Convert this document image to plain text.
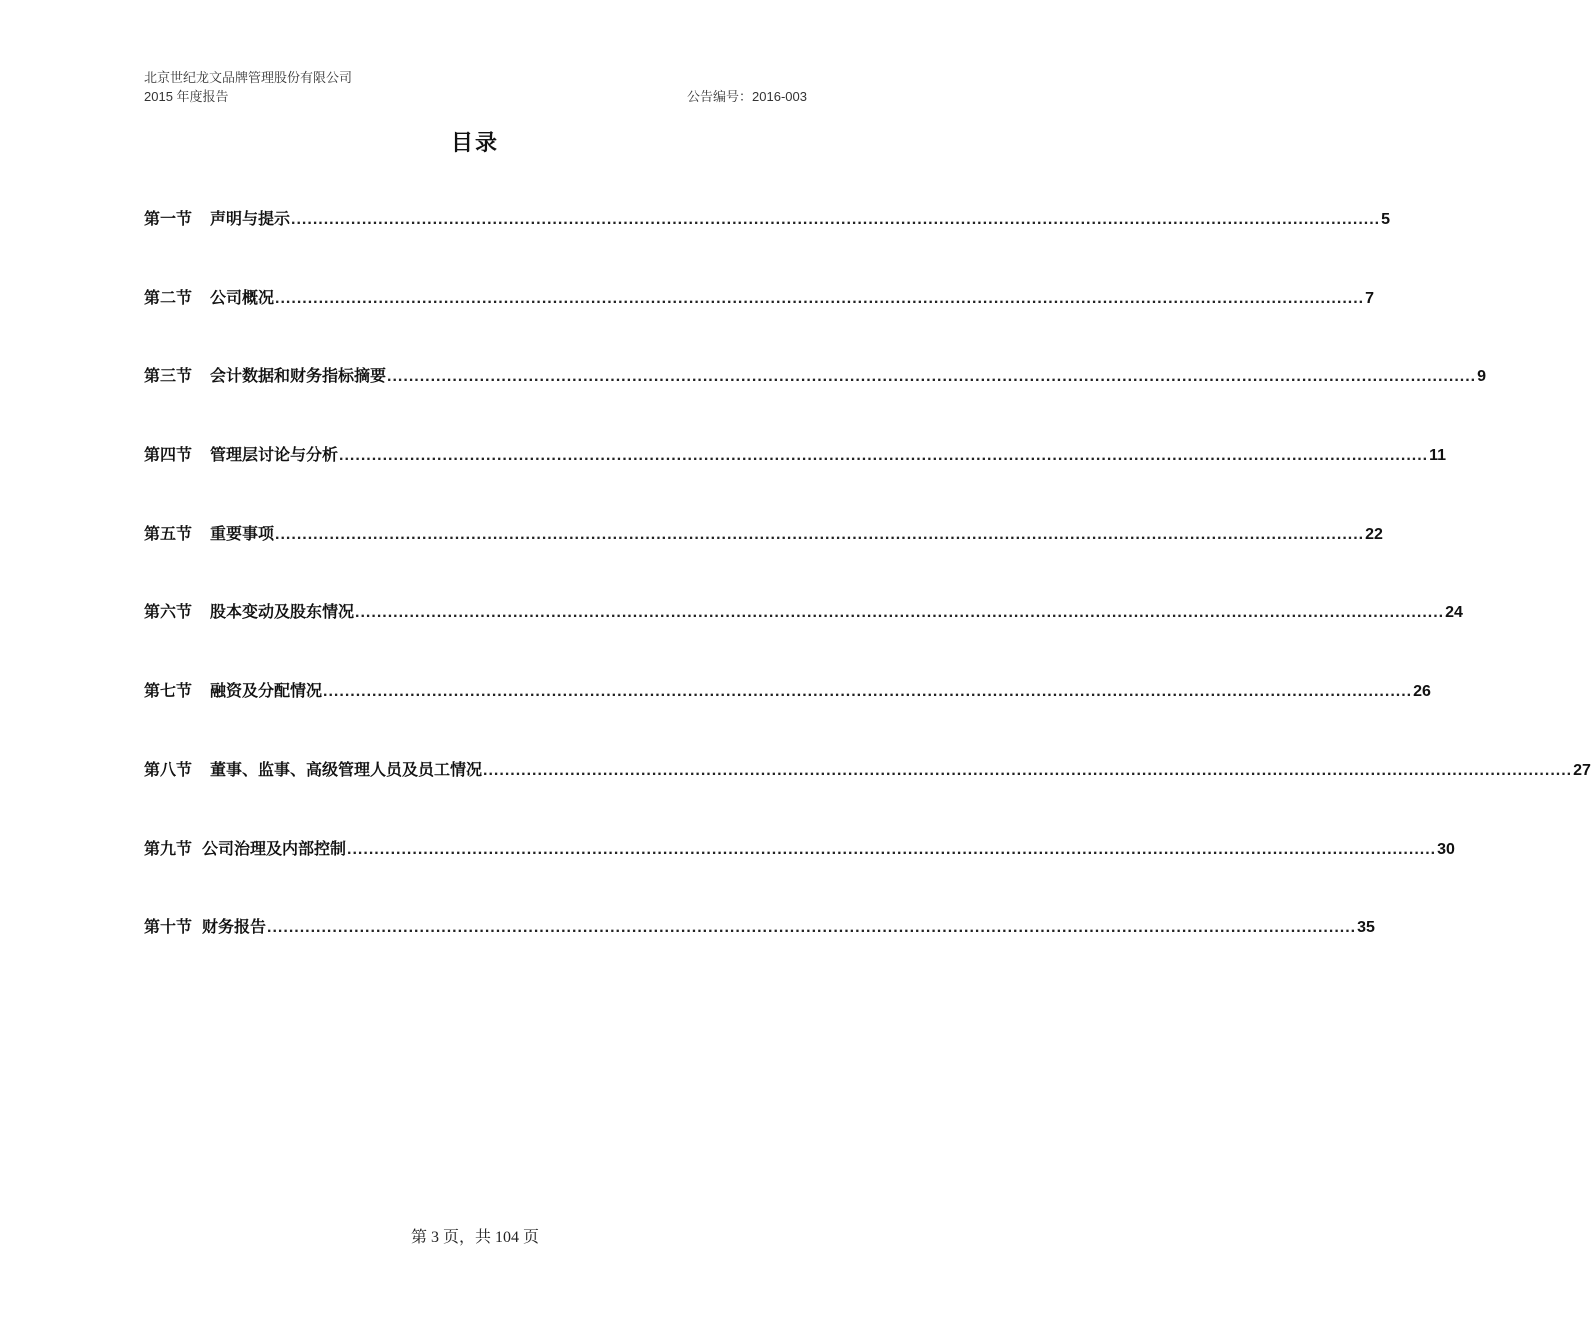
北京世纪龙文品牌管理股份有限公司
2015 年度报告	公告编号：2016-003
目录
第一节 声明与提示 ........................................................................................................................................................................................................ 5
第二节 公司概况 ........................................................................................................................................................................................................ 7
第三节 会计数据和财务指标摘要 ........................................................................................................................................................................................................ 9
第四节 管理层讨论与分析 ........................................................................................................................................................................................................ 11
第五节 重要事项 ........................................................................................................................................................................................................ 22
第六节 股本变动及股东情况 ........................................................................................................................................................................................................ 24
第七节 融资及分配情况 ........................................................................................................................................................................................................ 26
第八节 董事、监事、高级管理人员及员工情况 ........................................................................................................................................................................................................ 27
第九节 公司治理及内部控制 ........................................................................................................................................................................................................ 30
第十节 财务报告 ........................................................................................................................................................................................................ 35
第 3 页，共 104 页
